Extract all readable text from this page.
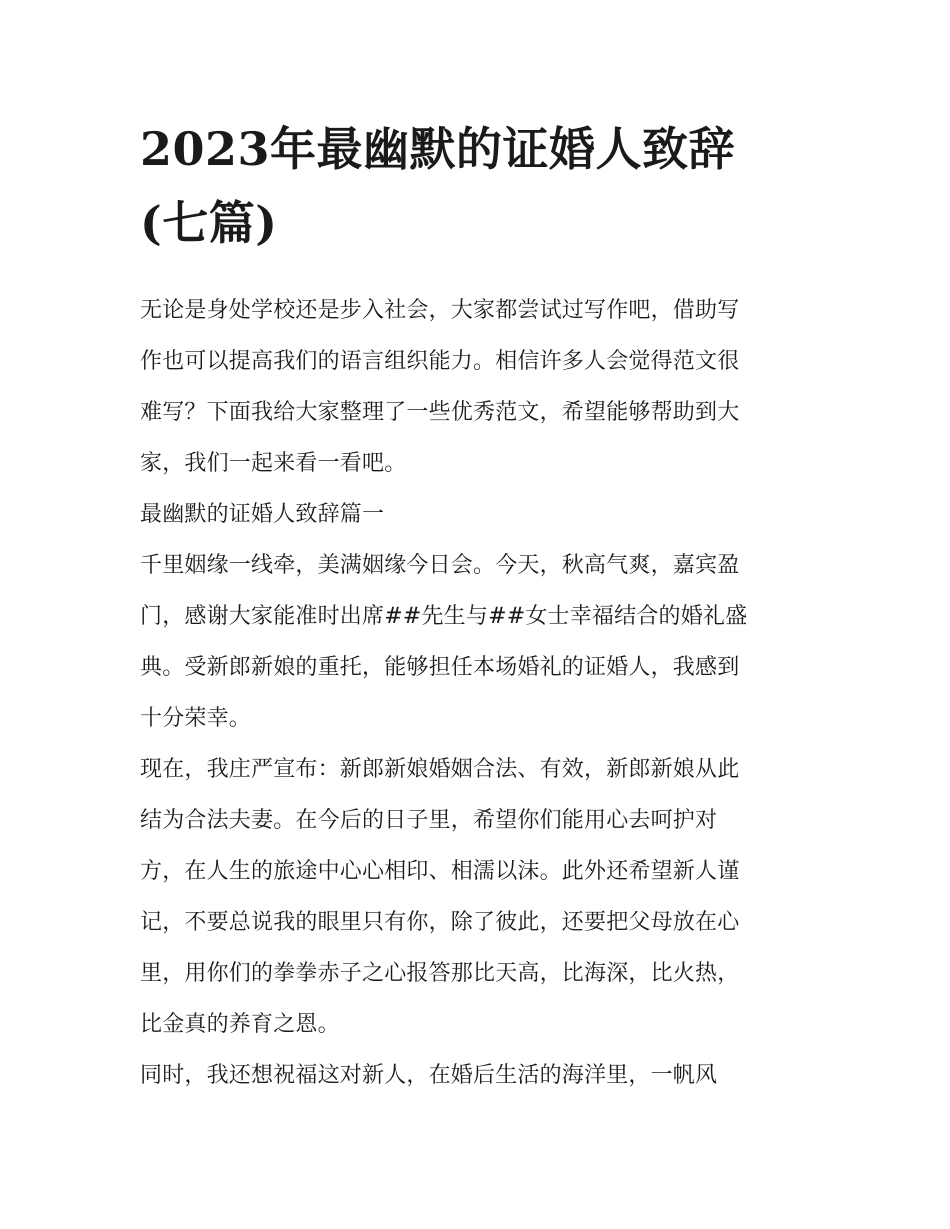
2023年最幽默的证婚人致辞
(七篇)

无论是身处学校还是步入社会，大家都尝试过写作吧，借助写
作也可以提高我们的语言组织能力。相信许多人会觉得范文很
难写？下面我给大家整理了一些优秀范文，希望能够帮助到大
家，我们一起来看一看吧。

最幽默的证婚人致辞篇一

千里姻缘一线牵，美满姻缘今日会。今天，秋高气爽，嘉宾盈
门，感谢大家能准时出席##先生与##女士幸福结合的婚礼盛
典。受新郎新娘的重托，能够担任本场婚礼的证婚人，我感到
十分荣幸。

现在，我庄严宣布：新郎新娘婚姻合法、有效，新郎新娘从此
结为合法夫妻。在今后的日子里，希望你们能用心去呵护对
方，在人生的旅途中心心相印、相濡以沫。此外还希望新人谨
记，不要总说我的眼里只有你，除了彼此，还要把父母放在心
里，用你们的拳拳赤子之心报答那比天高，比海深，比火热，
比金真的养育之恩。

同时，我还想祝福这对新人，在婚后生活的海洋里，一帆风
